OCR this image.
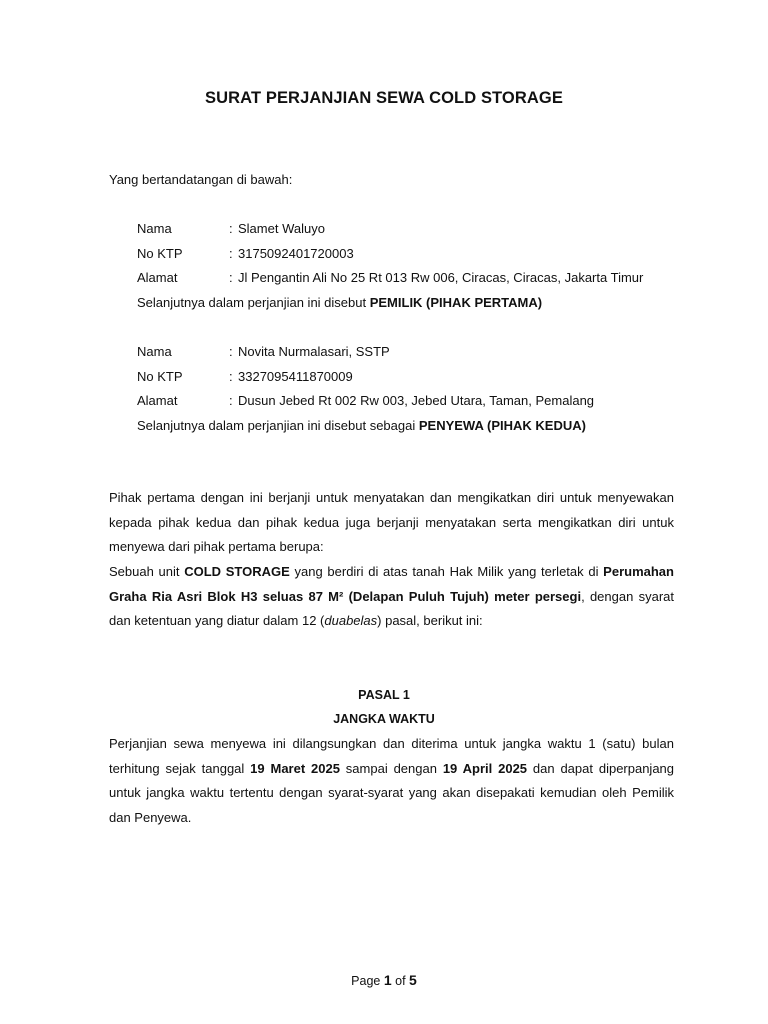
SURAT PERJANJIAN SEWA COLD STORAGE
Yang bertandatangan di bawah:
Nama	: Slamet Waluyo
No KTP	: 3175092401720003
Alamat	: Jl Pengantin Ali No 25 Rt 013 Rw 006, Ciracas, Ciracas, Jakarta Timur
Selanjutnya dalam perjanjian ini disebut PEMILIK (PIHAK PERTAMA)
Nama	: Novita Nurmalasari, SSTP
No KTP	: 3327095411870009
Alamat	: Dusun Jebed Rt 002 Rw 003, Jebed Utara, Taman, Pemalang
Selanjutnya dalam perjanjian ini disebut sebagai PENYEWA (PIHAK KEDUA)
Pihak pertama dengan ini berjanji untuk menyatakan dan mengikatkan diri untuk menyewakan kepada pihak kedua dan pihak kedua juga berjanji menyatakan serta mengikatkan diri untuk menyewa dari pihak pertama berupa:
Sebuah unit COLD STORAGE yang berdiri di atas tanah Hak Milik yang terletak di Perumahan Graha Ria Asri Blok H3 seluas 87 M² (Delapan Puluh Tujuh) meter persegi, dengan syarat dan ketentuan yang diatur dalam 12 (duabelas) pasal, berikut ini:
PASAL 1
JANGKA WAKTU
Perjanjian sewa menyewa ini dilangsungkan dan diterima untuk jangka waktu 1 (satu) bulan terhitung sejak tanggal 19 Maret 2025 sampai dengan 19 April 2025 dan dapat diperpanjang untuk jangka waktu tertentu dengan syarat-syarat yang akan disepakati kemudian oleh Pemilik dan Penyewa.
Page 1 of 5
